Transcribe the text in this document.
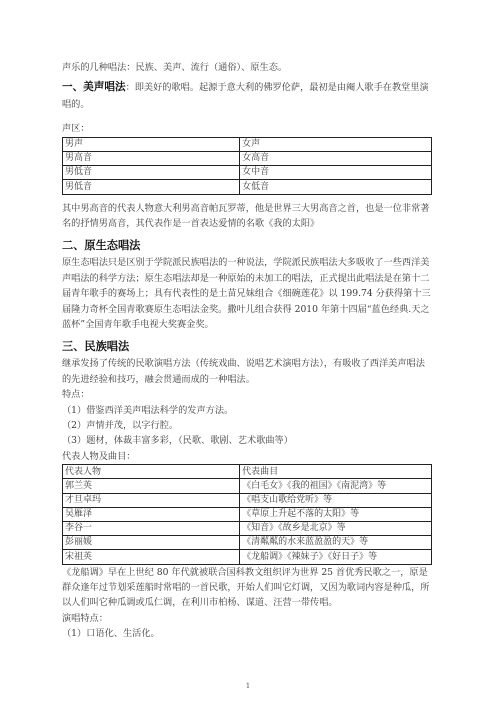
声乐的几种唱法：民族、美声、流行（通俗）、原生态。

一、美声唱法：即美好的歌唱。起源于意大利的佛罗伦萨，最初是由阉人歌手在教堂里演唱的。

声区：

男声	女声
男高音	女高音
男低音	女中音
男低音	女低音

其中男高音的代表人物意大利男高音帕瓦罗蒂，他是世界三大男高音之首，也是一位非常著名的抒情男高音，其代表作是一首表达爱情的名歌《我的太阳》

二、原生态唱法

原生态唱法只是区别于学院派民族唱法的一种说法，学院派民族唱法大多吸收了一些西洋美声唱法的科学方法；原生态唱法却是一种原始的未加工的唱法，正式提出此唱法是在第十二届青年歌手的赛场上；具有代表性的是土苗兄妹组合《细碗莲花》以 199.74 分获得第十三届隆力奇杯全国青歌赛原生态唱法金奖。撒叶儿组合获得 2010 年第十四届“蓝色经典.天之蓝杯”全国青年歌手电视大奖赛金奖。

三、民族唱法

继承发扬了传统的民歌演唱方法（传统戏曲、说唱艺术演唱方法），有吸收了西洋美声唱法的先进经验和技巧，融会贯通而成的一种唱法。

特点：

（1）借鉴西洋美声唱法科学的发声方法。

（2）声情并茂，以字行腔。

（3）题材，体裁丰富多彩，（民歌、歌剧、艺术歌曲等）

代表人物及曲目：

代表人物	代表曲目
郭兰英	《白毛女》《我的祖国》《南泥湾》等
才旦卓玛	《唱支山歌给党听》等
吴雁泽	《草原上升起不落的太阳》等
李谷一	《知音》《故乡是北京》等
彭丽媛	《清粼粼的水来蓝盈盈的天》等
宋祖英	《龙船调》《辣妹子》《好日子》等

《龙船调》早在上世纪 80 年代就被联合国科教文组织评为世界 25 首优秀民歌之一，原是群众逢年过节划采莲船时常唱的一首民歌，开始人们叫它灯调，又因为歌词内容是种瓜，所以人们叫它种瓜调或瓜仁调，在利川市柏杨、谋道、汪营一带传唱。

演唱特点：

（1）口语化、生活化。

1
